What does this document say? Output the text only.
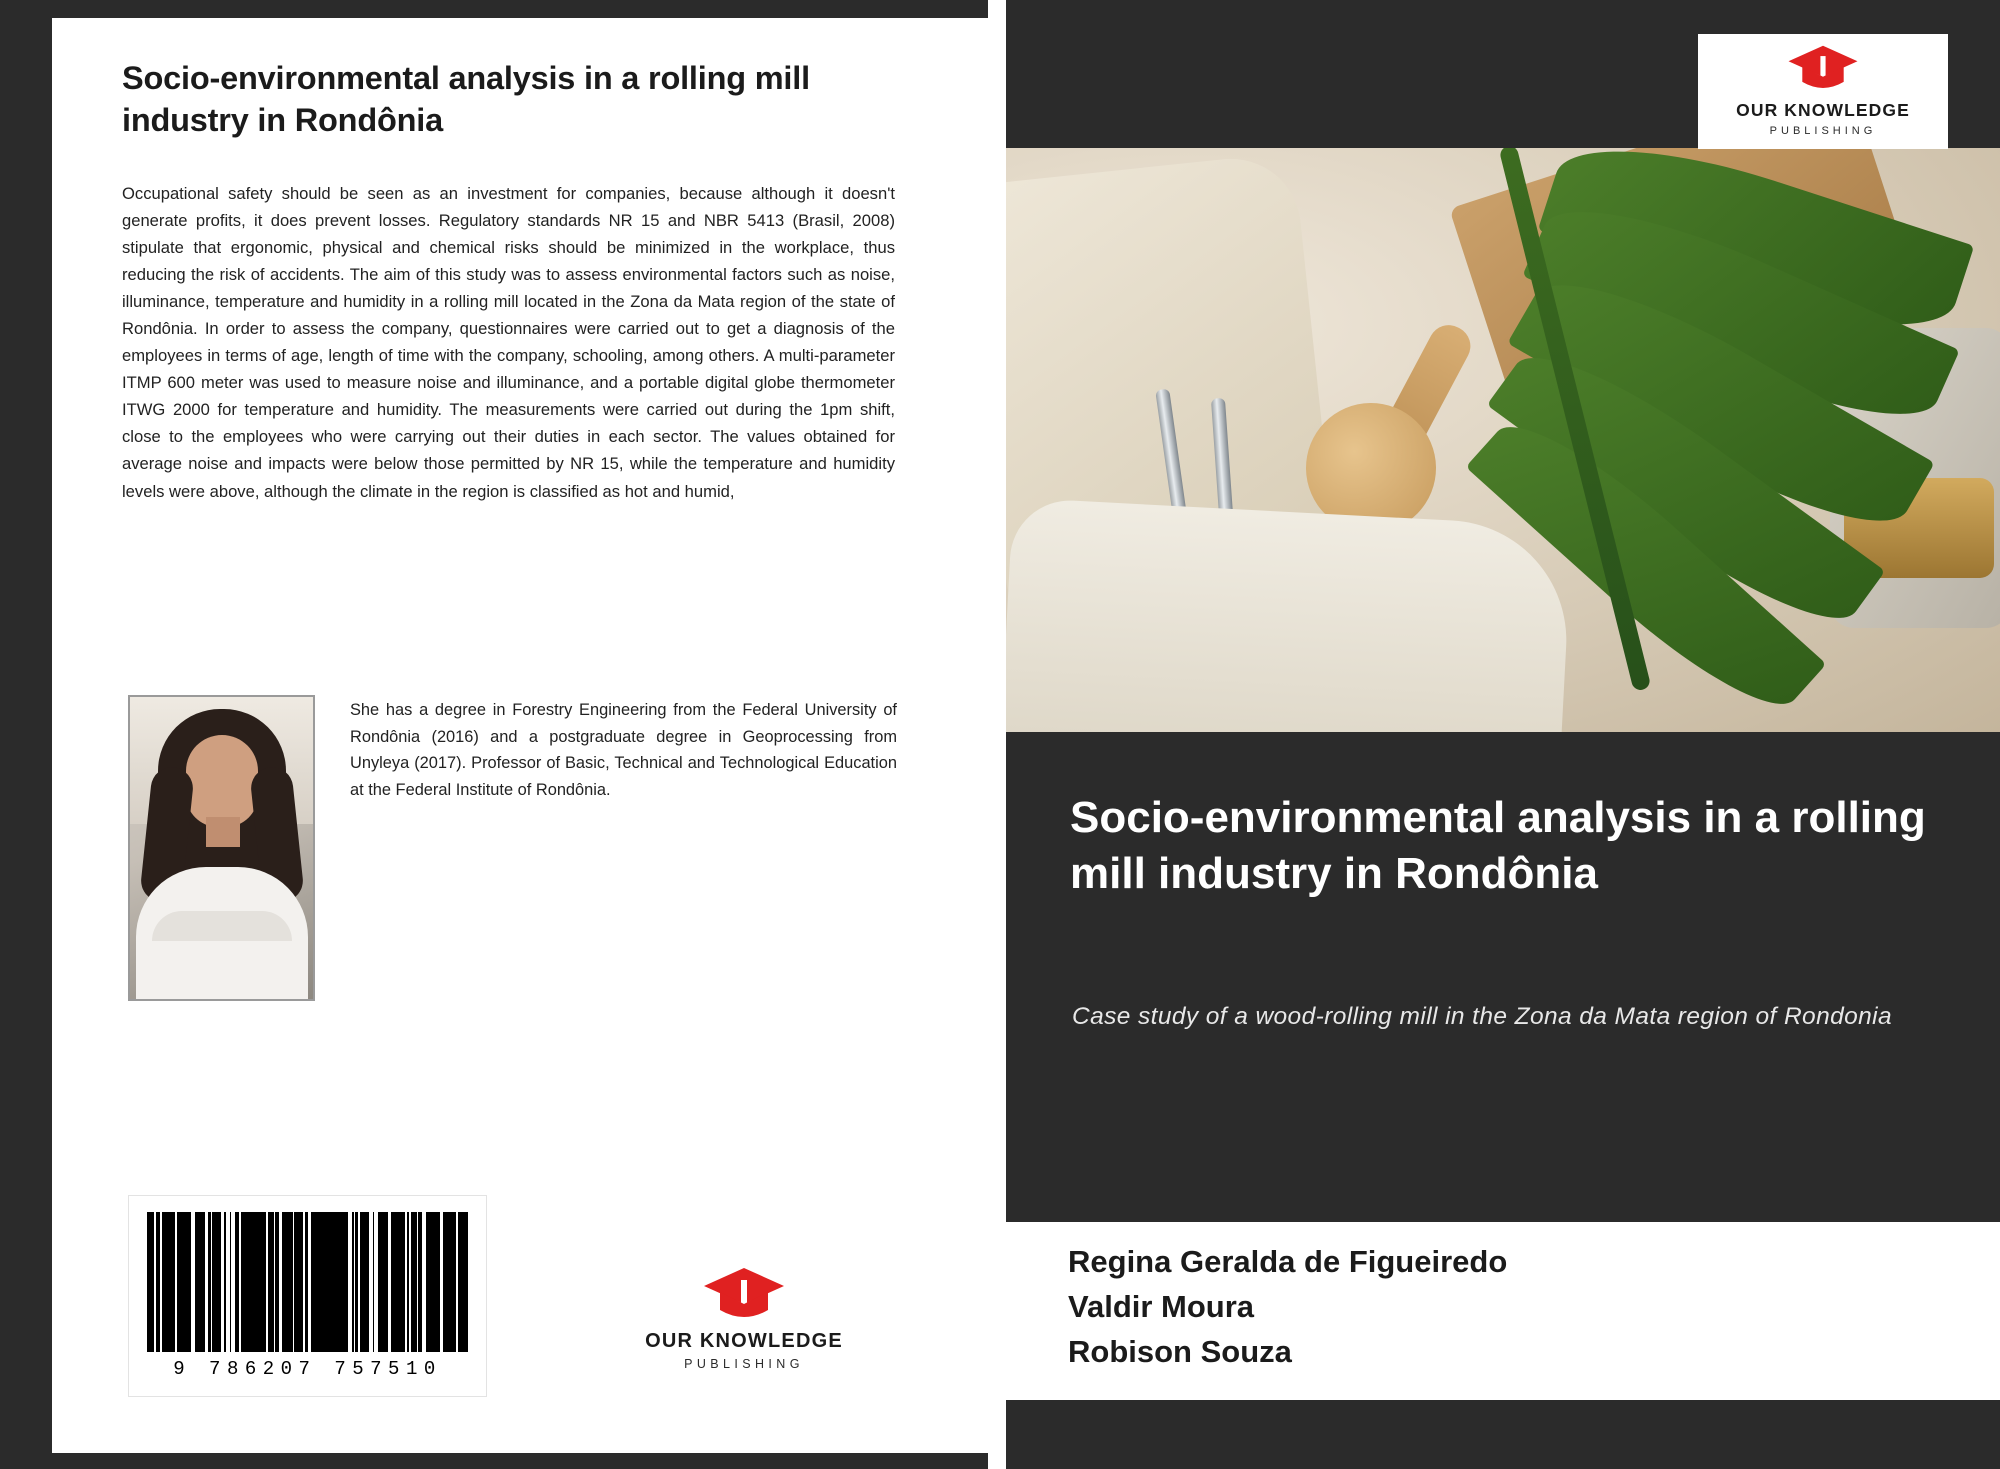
Socio-environmental analysis in a rolling mill industry in Rondônia
Occupational safety should be seen as an investment for companies, because although it doesn't generate profits, it does prevent losses. Regulatory standards NR 15 and NBR 5413 (Brasil, 2008) stipulate that ergonomic, physical and chemical risks should be minimized in the workplace, thus reducing the risk of accidents. The aim of this study was to assess environmental factors such as noise, illuminance, temperature and humidity in a rolling mill located in the Zona da Mata region of the state of Rondônia. In order to assess the company, questionnaires were carried out to get a diagnosis of the employees in terms of age, length of time with the company, schooling, among others. A multi-parameter ITMP 600 meter was used to measure noise and illuminance, and a portable digital globe thermometer ITWG 2000 for temperature and humidity. The measurements were carried out during the 1pm shift, close to the employees who were carrying out their duties in each sector. The values obtained for average noise and impacts were below those permitted by NR 15, while the temperature and humidity levels were above, although the climate in the region is classified as hot and humid,
She has a degree in Forestry Engineering from the Federal University of Rondônia (2016) and a postgraduate degree in Geoprocessing from Unyleya (2017). Professor of Basic, Technical and Technological Education at the Federal Institute of Rondônia.
9 786207 757510
OUR KNOWLEDGE
PUBLISHING
OUR KNOWLEDGE
PUBLISHING
Socio-environmental analysis in a rolling mill industry in Rondônia
Case study of a wood-rolling mill in the Zona da Mata region of Rondonia
Regina Geralda de Figueiredo
Valdir Moura
Robison Souza
